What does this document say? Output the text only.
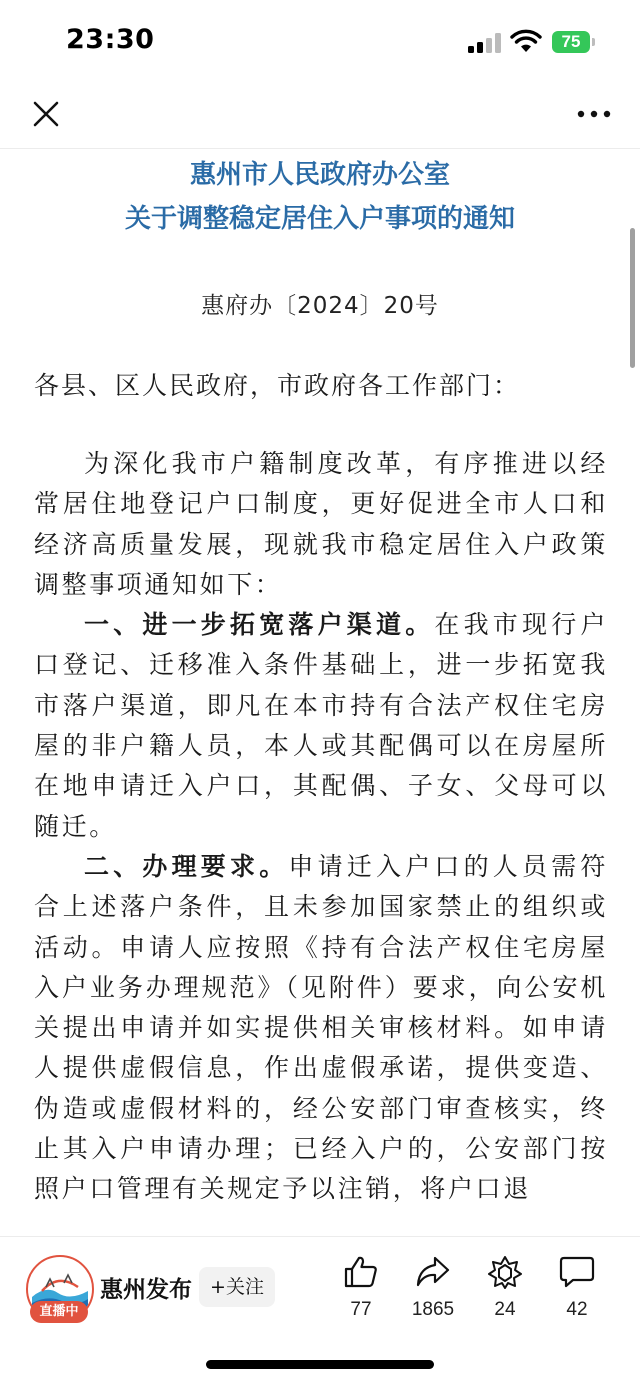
23:30	75
惠州市人民政府办公室
关于调整稳定居住入户事项的通知
惠府办〔2024〕20号
各县、区人民政府，市政府各工作部门：

为深化我市户籍制度改革，有序推进以经常居住地登记户口制度，更好促进全市人口和经济高质量发展，现就我市稳定居住入户政策调整事项通知如下：

一、进一步拓宽落户渠道。在我市现行户口登记、迁移准入条件基础上，进一步拓宽我市落户渠道，即凡在本市持有合法产权住宅房屋的非户籍人员，本人或其配偶可以在房屋所在地申请迁入户口，其配偶、子女、父母可以随迁。

二、办理要求。申请迁入户口的人员需符合上述落户条件，且未参加国家禁止的组织或活动。申请人应按照《持有合法产权住宅房屋入户业务办理规范》（见附件）要求，向公安机关提出申请并如实提供相关审核材料。如申请人提供虚假信息，作出虚假承诺，提供变造、伪造或虚假材料的，经公安部门审查核实，终止其入户申请办理；已经入户的，公安部门按照户口管理有关规定予以注销，将户口退

直播中
惠州发布 +关注
77	1865	24	42
